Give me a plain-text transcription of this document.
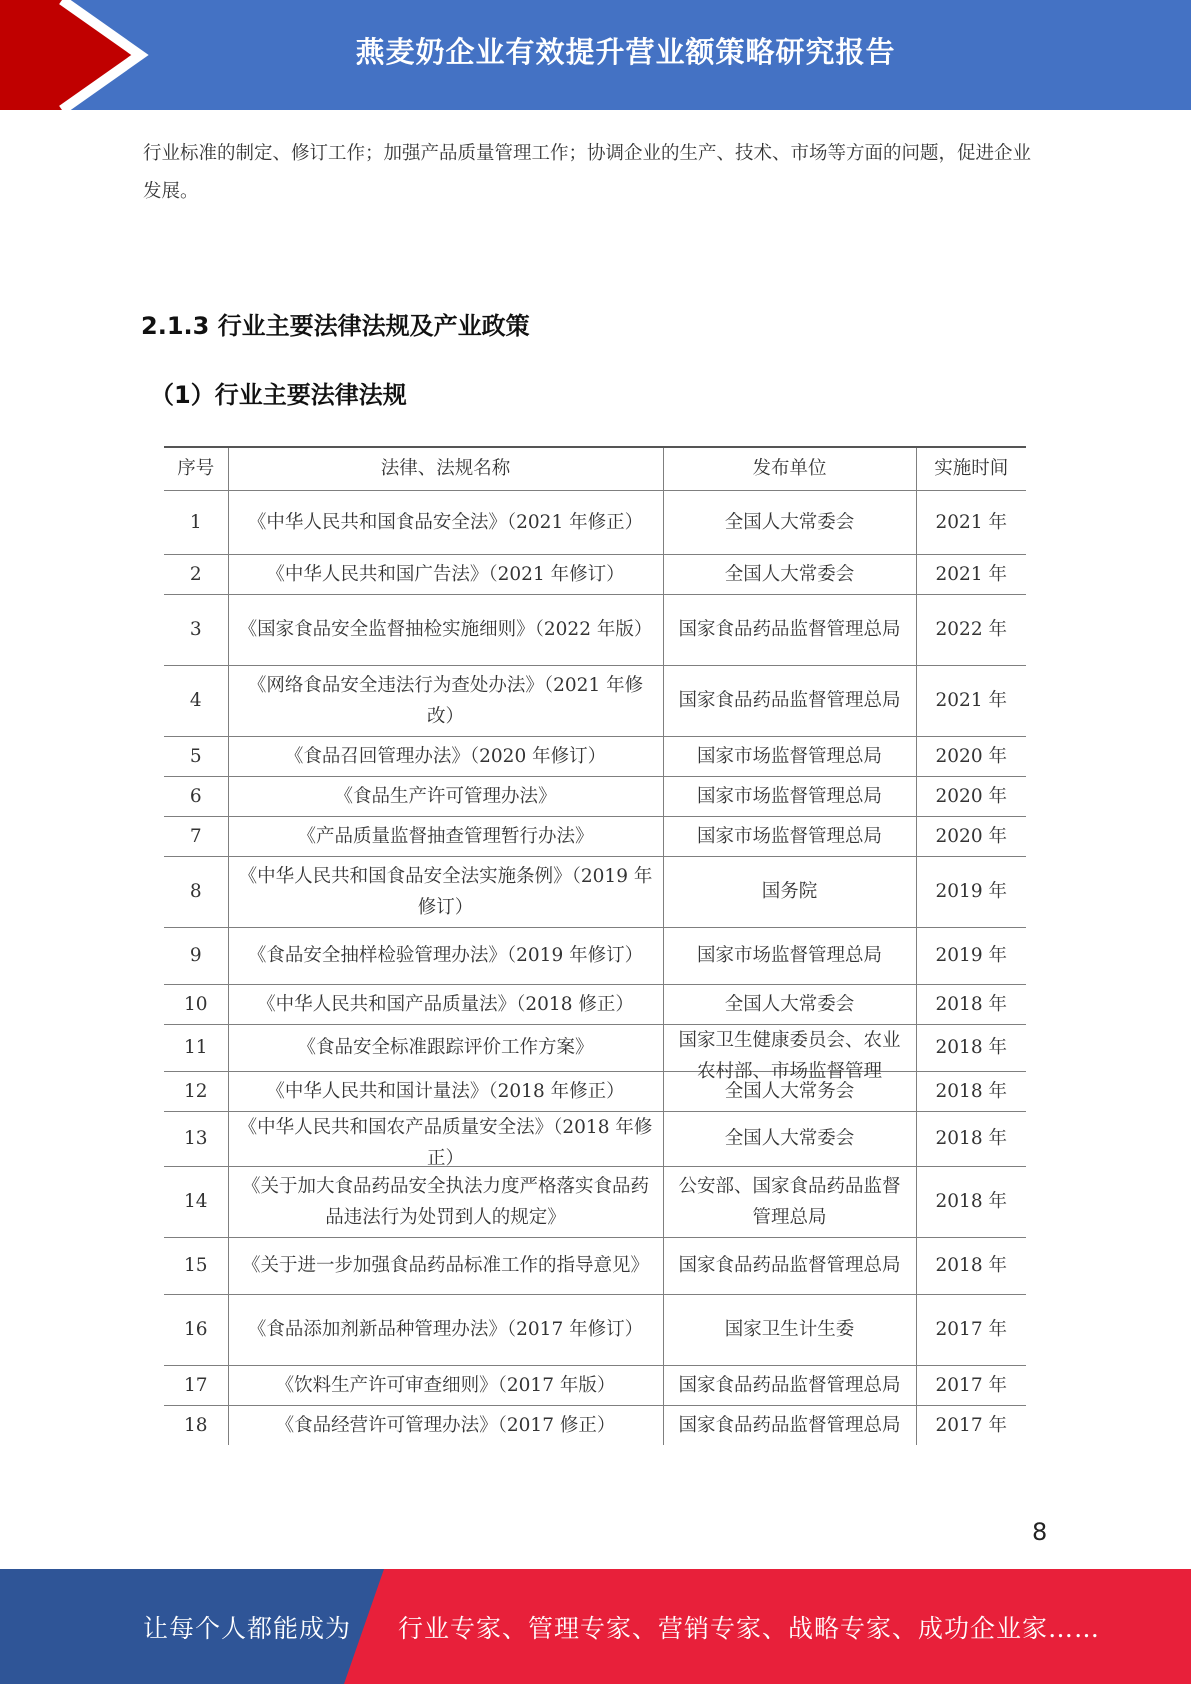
燕麦奶企业有效提升营业额策略研究报告
行业标准的制定、修订工作；加强产品质量管理工作；协调企业的生产、技术、市场等方面的问题，促进企业发展。
2.1.3 行业主要法律法规及产业政策
（1）行业主要法律法规
序号	法律、法规名称	发布单位	实施时间

1	《中华人民共和国食品安全法》（2021 年修正）	全国人大常委会	2021 年

2	《中华人民共和国广告法》（2021 年修订）	全国人大常委会	2021 年

3	《国家食品安全监督抽检实施细则》（2022 年版）	国家食品药品监督管理总局	2022 年

4	《网络食品安全违法行为查处办法》（2021 年修改）	国家食品药品监督管理总局	2021 年

5	《食品召回管理办法》（2020 年修订）	国家市场监督管理总局	2020 年

6	《食品生产许可管理办法》	国家市场监督管理总局	2020 年

7	《产品质量监督抽查管理暂行办法》	国家市场监督管理总局	2020 年

8	《中华人民共和国食品安全法实施条例》（2019 年修订）	国务院	2019 年

9	《食品安全抽样检验管理办法》（2019 年修订）	国家市场监督管理总局	2019 年

10	《中华人民共和国产品质量法》（2018 修正）	全国人大常委会	2018 年

11	《食品安全标准跟踪评价工作方案》	国家卫生健康委员会、农业农村部、市场监督管理	2018 年

12	《中华人民共和国计量法》（2018 年修正）	全国人大常务会	2018 年

13	《中华人民共和国农产品质量安全法》（2018 年修正）	全国人大常委会	2018 年

14	《关于加大食品药品安全执法力度严格落实食品药品违法行为处罚到人的规定》	公安部、国家食品药品监督管理总局	2018 年

15	《关于进一步加强食品药品标准工作的指导意见》	国家食品药品监督管理总局	2018 年

16	《食品添加剂新品种管理办法》（2017 年修订）	国家卫生计生委	2017 年

17	《饮料生产许可审查细则》（2017 年版）	国家食品药品监督管理总局	2017 年

18	《食品经营许可管理办法》（2017 修正）	国家食品药品监督管理总局	2017 年
8
让每个人都能成为 行业专家、管理专家、营销专家、战略专家、成功企业家……
